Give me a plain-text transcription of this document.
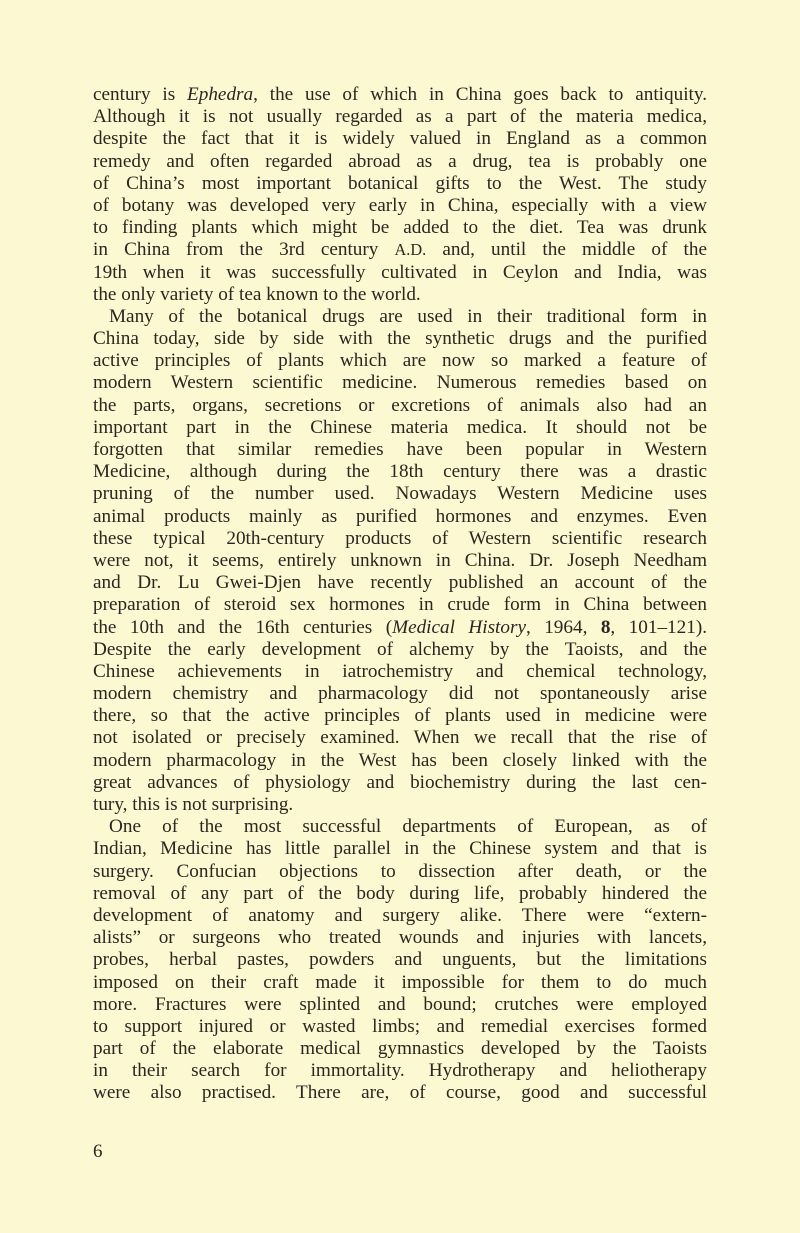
century is Ephedra, the use of which in China goes back to antiquity.
Although it is not usually regarded as a part of the materia medica,
despite the fact that it is widely valued in England as a common
remedy and often regarded abroad as a drug, tea is probably one
of China’s most important botanical gifts to the West. The study
of botany was developed very early in China, especially with a view
to finding plants which might be added to the diet. Tea was drunk
in China from the 3rd century A.D. and, until the middle of the
19th when it was successfully cultivated in Ceylon and India, was
the only variety of tea known to the world.
Many of the botanical drugs are used in their traditional form in
China today, side by side with the synthetic drugs and the purified
active principles of plants which are now so marked a feature of
modern Western scientific medicine. Numerous remedies based on
the parts, organs, secretions or excretions of animals also had an
important part in the Chinese materia medica. It should not be
forgotten that similar remedies have been popular in Western
Medicine, although during the 18th century there was a drastic
pruning of the number used. Nowadays Western Medicine uses
animal products mainly as purified hormones and enzymes. Even
these typical 20th-century products of Western scientific research
were not, it seems, entirely unknown in China. Dr. Joseph Needham
and Dr. Lu Gwei-Djen have recently published an account of the
preparation of steroid sex hormones in crude form in China between
the 10th and the 16th centuries (Medical History, 1964, 8, 101–121).
Despite the early development of alchemy by the Taoists, and the
Chinese achievements in iatrochemistry and chemical technology,
modern chemistry and pharmacology did not spontaneously arise
there, so that the active principles of plants used in medicine were
not isolated or precisely examined. When we recall that the rise of
modern pharmacology in the West has been closely linked with the
great advances of physiology and biochemistry during the last cen-
tury, this is not surprising.
One of the most successful departments of European, as of
Indian, Medicine has little parallel in the Chinese system and that is
surgery. Confucian objections to dissection after death, or the
removal of any part of the body during life, probably hindered the
development of anatomy and surgery alike. There were “extern-
alists” or surgeons who treated wounds and injuries with lancets,
probes, herbal pastes, powders and unguents, but the limitations
imposed on their craft made it impossible for them to do much
more. Fractures were splinted and bound; crutches were employed
to support injured or wasted limbs; and remedial exercises formed
part of the elaborate medical gymnastics developed by the Taoists
in their search for immortality. Hydrotherapy and heliotherapy
were also practised. There are, of course, good and successful
6
